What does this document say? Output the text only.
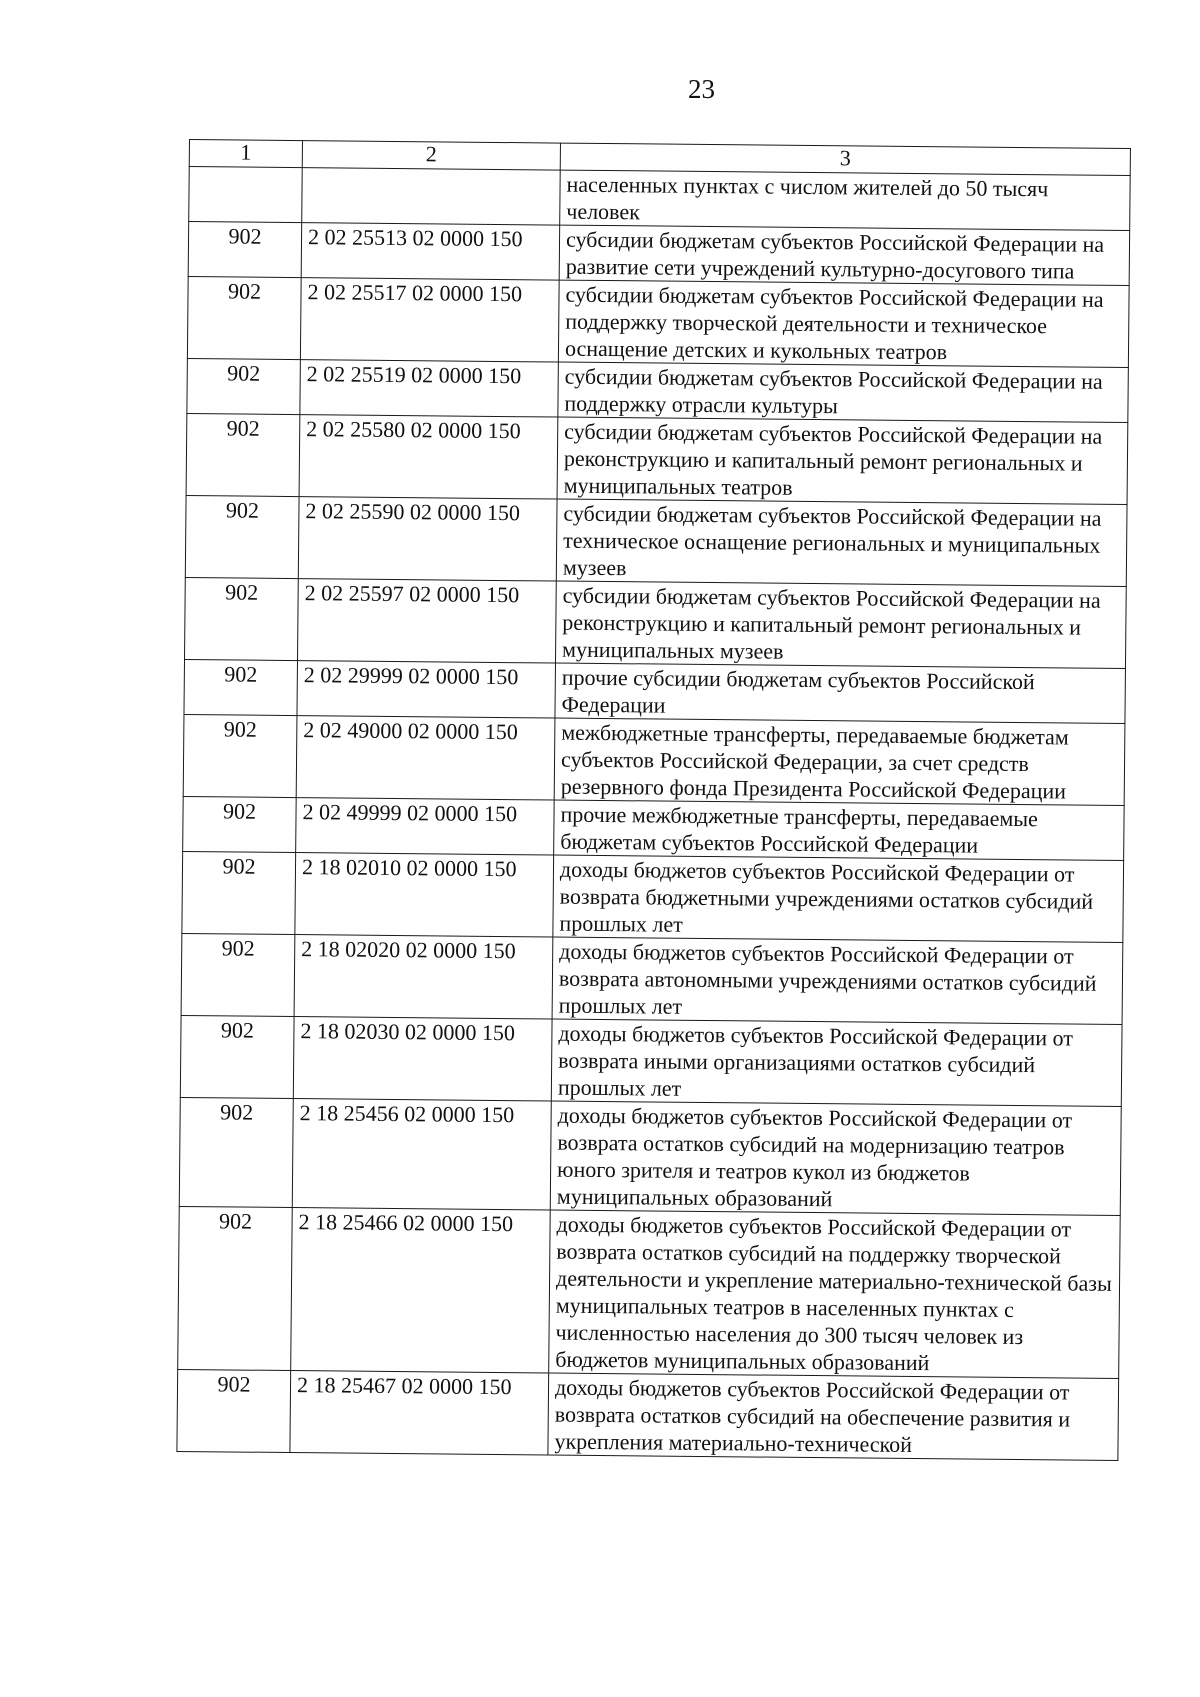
23
1	2	3
		населенных пунктах с числом жителей до 50 тысяч человек
902	2 02 25513 02 0000 150	субсидии бюджетам субъектов Российской Федерации на развитие сети учреждений культурно-досугового типа
902	2 02 25517 02 0000 150	субсидии бюджетам субъектов Российской Федерации на поддержку творческой деятельности и техническое оснащение детских и кукольных театров
902	2 02 25519 02 0000 150	субсидии бюджетам субъектов Российской Федерации на поддержку отрасли культуры
902	2 02 25580 02 0000 150	субсидии бюджетам субъектов Российской Федерации на реконструкцию и капитальный ремонт региональных и муниципальных театров
902	2 02 25590 02 0000 150	субсидии бюджетам субъектов Российской Федерации на техническое оснащение региональных и муниципальных музеев
902	2 02 25597 02 0000 150	субсидии бюджетам субъектов Российской Федерации на реконструкцию и капитальный ремонт региональных и муниципальных музеев
902	2 02 29999 02 0000 150	прочие субсидии бюджетам субъектов Российской Федерации
902	2 02 49000 02 0000 150	межбюджетные трансферты, передаваемые бюджетам субъектов Российской Федерации, за счет средств резервного фонда Президента Российской Федерации
902	2 02 49999 02 0000 150	прочие межбюджетные трансферты, передаваемые бюджетам субъектов Российской Федерации
902	2 18 02010 02 0000 150	доходы бюджетов субъектов Российской Федерации от возврата бюджетными учреждениями остатков субсидий прошлых лет
902	2 18 02020 02 0000 150	доходы бюджетов субъектов Российской Федерации от возврата автономными учреждениями остатков субсидий прошлых лет
902	2 18 02030 02 0000 150	доходы бюджетов субъектов Российской Федерации от возврата иными организациями остатков субсидий прошлых лет
902	2 18 25456 02 0000 150	доходы бюджетов субъектов Российской Федерации от возврата остатков субсидий на модернизацию театров юного зрителя и театров кукол из бюджетов муниципальных образований
902	2 18 25466 02 0000 150	доходы бюджетов субъектов Российской Федерации от возврата остатков субсидий на поддержку творческой деятельности и укрепление материально-технической базы муниципальных театров в населенных пунктах с численностью населения до 300 тысяч человек из бюджетов муниципальных образований
902	2 18 25467 02 0000 150	доходы бюджетов субъектов Российской Федерации от возврата остатков субсидий на обеспечение развития и укрепления материально-технической
